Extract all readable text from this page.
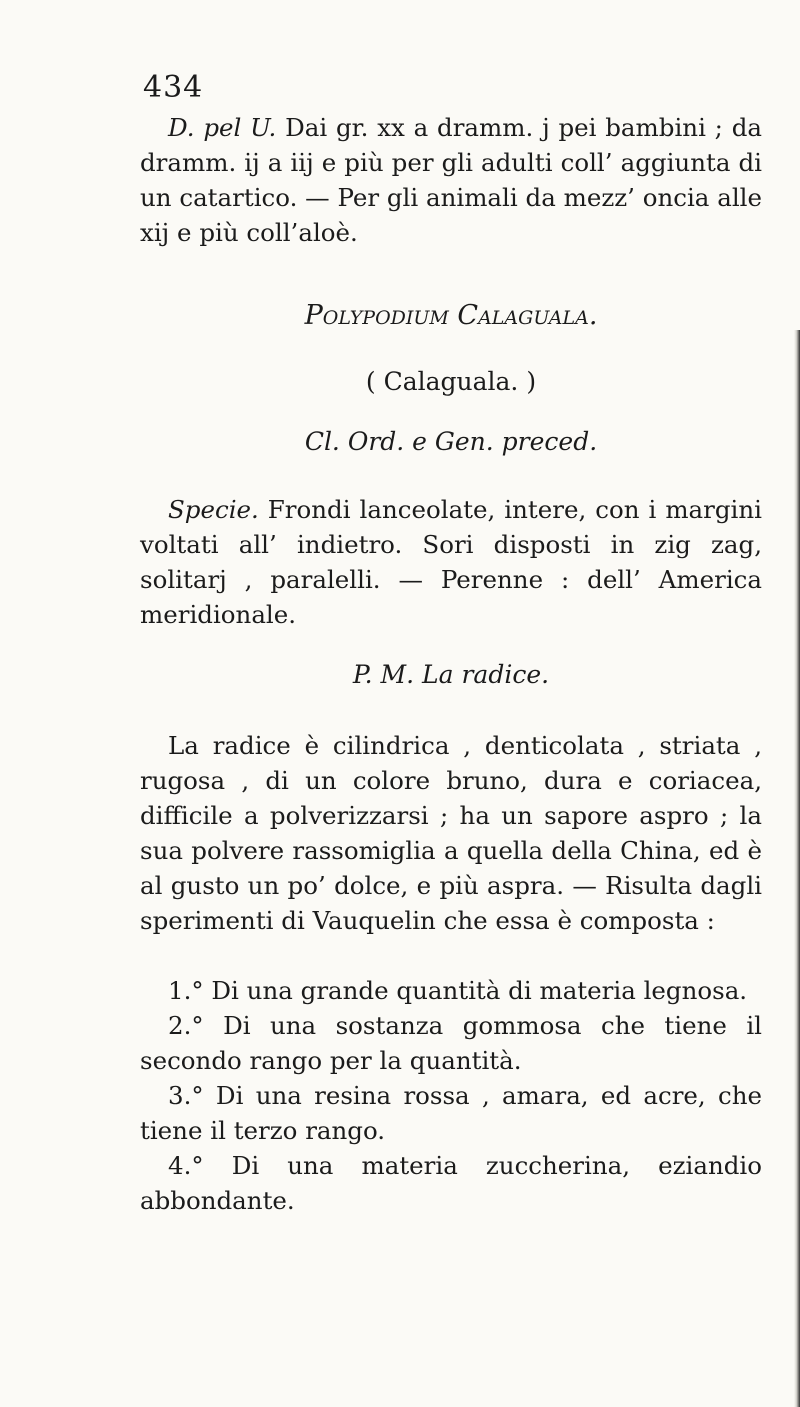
434
D. pel U. Dai gr. xx a dramm. j pei bambini ; da dramm. ij a iij e più per gli adulti coll’ aggiunta di un catartico. — Per gli animali da mezz’ oncia alle xij e più coll’aloè.
Polypodium Calaguala.
( Calaguala. )
Cl. Ord. e Gen. preced.
Specie. Frondi lanceolate, intere, con i margini voltati all’ indietro. Sori disposti in zig zag, solitarj , paralelli. — Perenne : dell’ America meridionale.
P. M. La radice.
La radice è cilindrica , denticolata , striata , rugosa , di un colore bruno, dura e coriacea, difficile a polverizzarsi ; ha un sapore aspro ; la sua polvere rassomiglia a quella della China, ed è al gusto un po’ dolce, e più aspra. — Risulta dagli sperimenti di Vauquelin che essa è composta :
1.° Di una grande quantità di materia legnosa.
2.° Di una sostanza gommosa che tiene il secondo rango per la quantità.
3.° Di una resina rossa , amara, ed acre, che tiene il terzo rango.
4.° Di una materia zuccherina, eziandio abbondante.
